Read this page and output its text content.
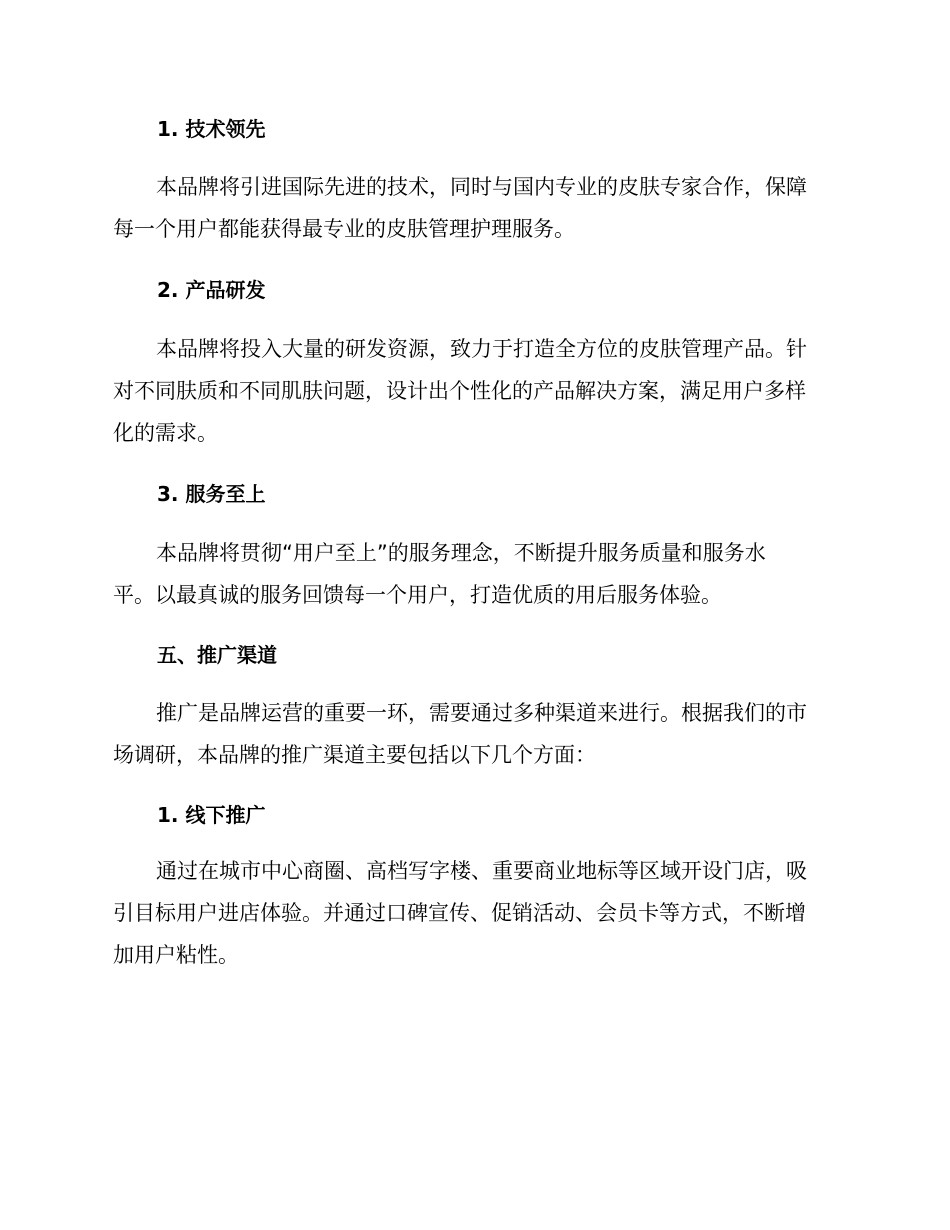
1. 技术领先
本品牌将引进国际先进的技术，同时与国内专业的皮肤专家合作，保障
每一个用户都能获得最专业的皮肤管理护理服务。
2. 产品研发
本品牌将投入大量的研发资源，致力于打造全方位的皮肤管理产品。针
对不同肤质和不同肌肤问题，设计出个性化的产品解决方案，满足用户多样
化的需求。
3. 服务至上
本品牌将贯彻“用户至上”的服务理念，不断提升服务质量和服务水
平。以最真诚的服务回馈每一个用户，打造优质的用后服务体验。
五、推广渠道
推广是品牌运营的重要一环，需要通过多种渠道来进行。根据我们的市
场调研，本品牌的推广渠道主要包括以下几个方面：
1. 线下推广
通过在城市中心商圈、高档写字楼、重要商业地标等区域开设门店，吸
引目标用户进店体验。并通过口碑宣传、促销活动、会员卡等方式，不断增
加用户粘性。
